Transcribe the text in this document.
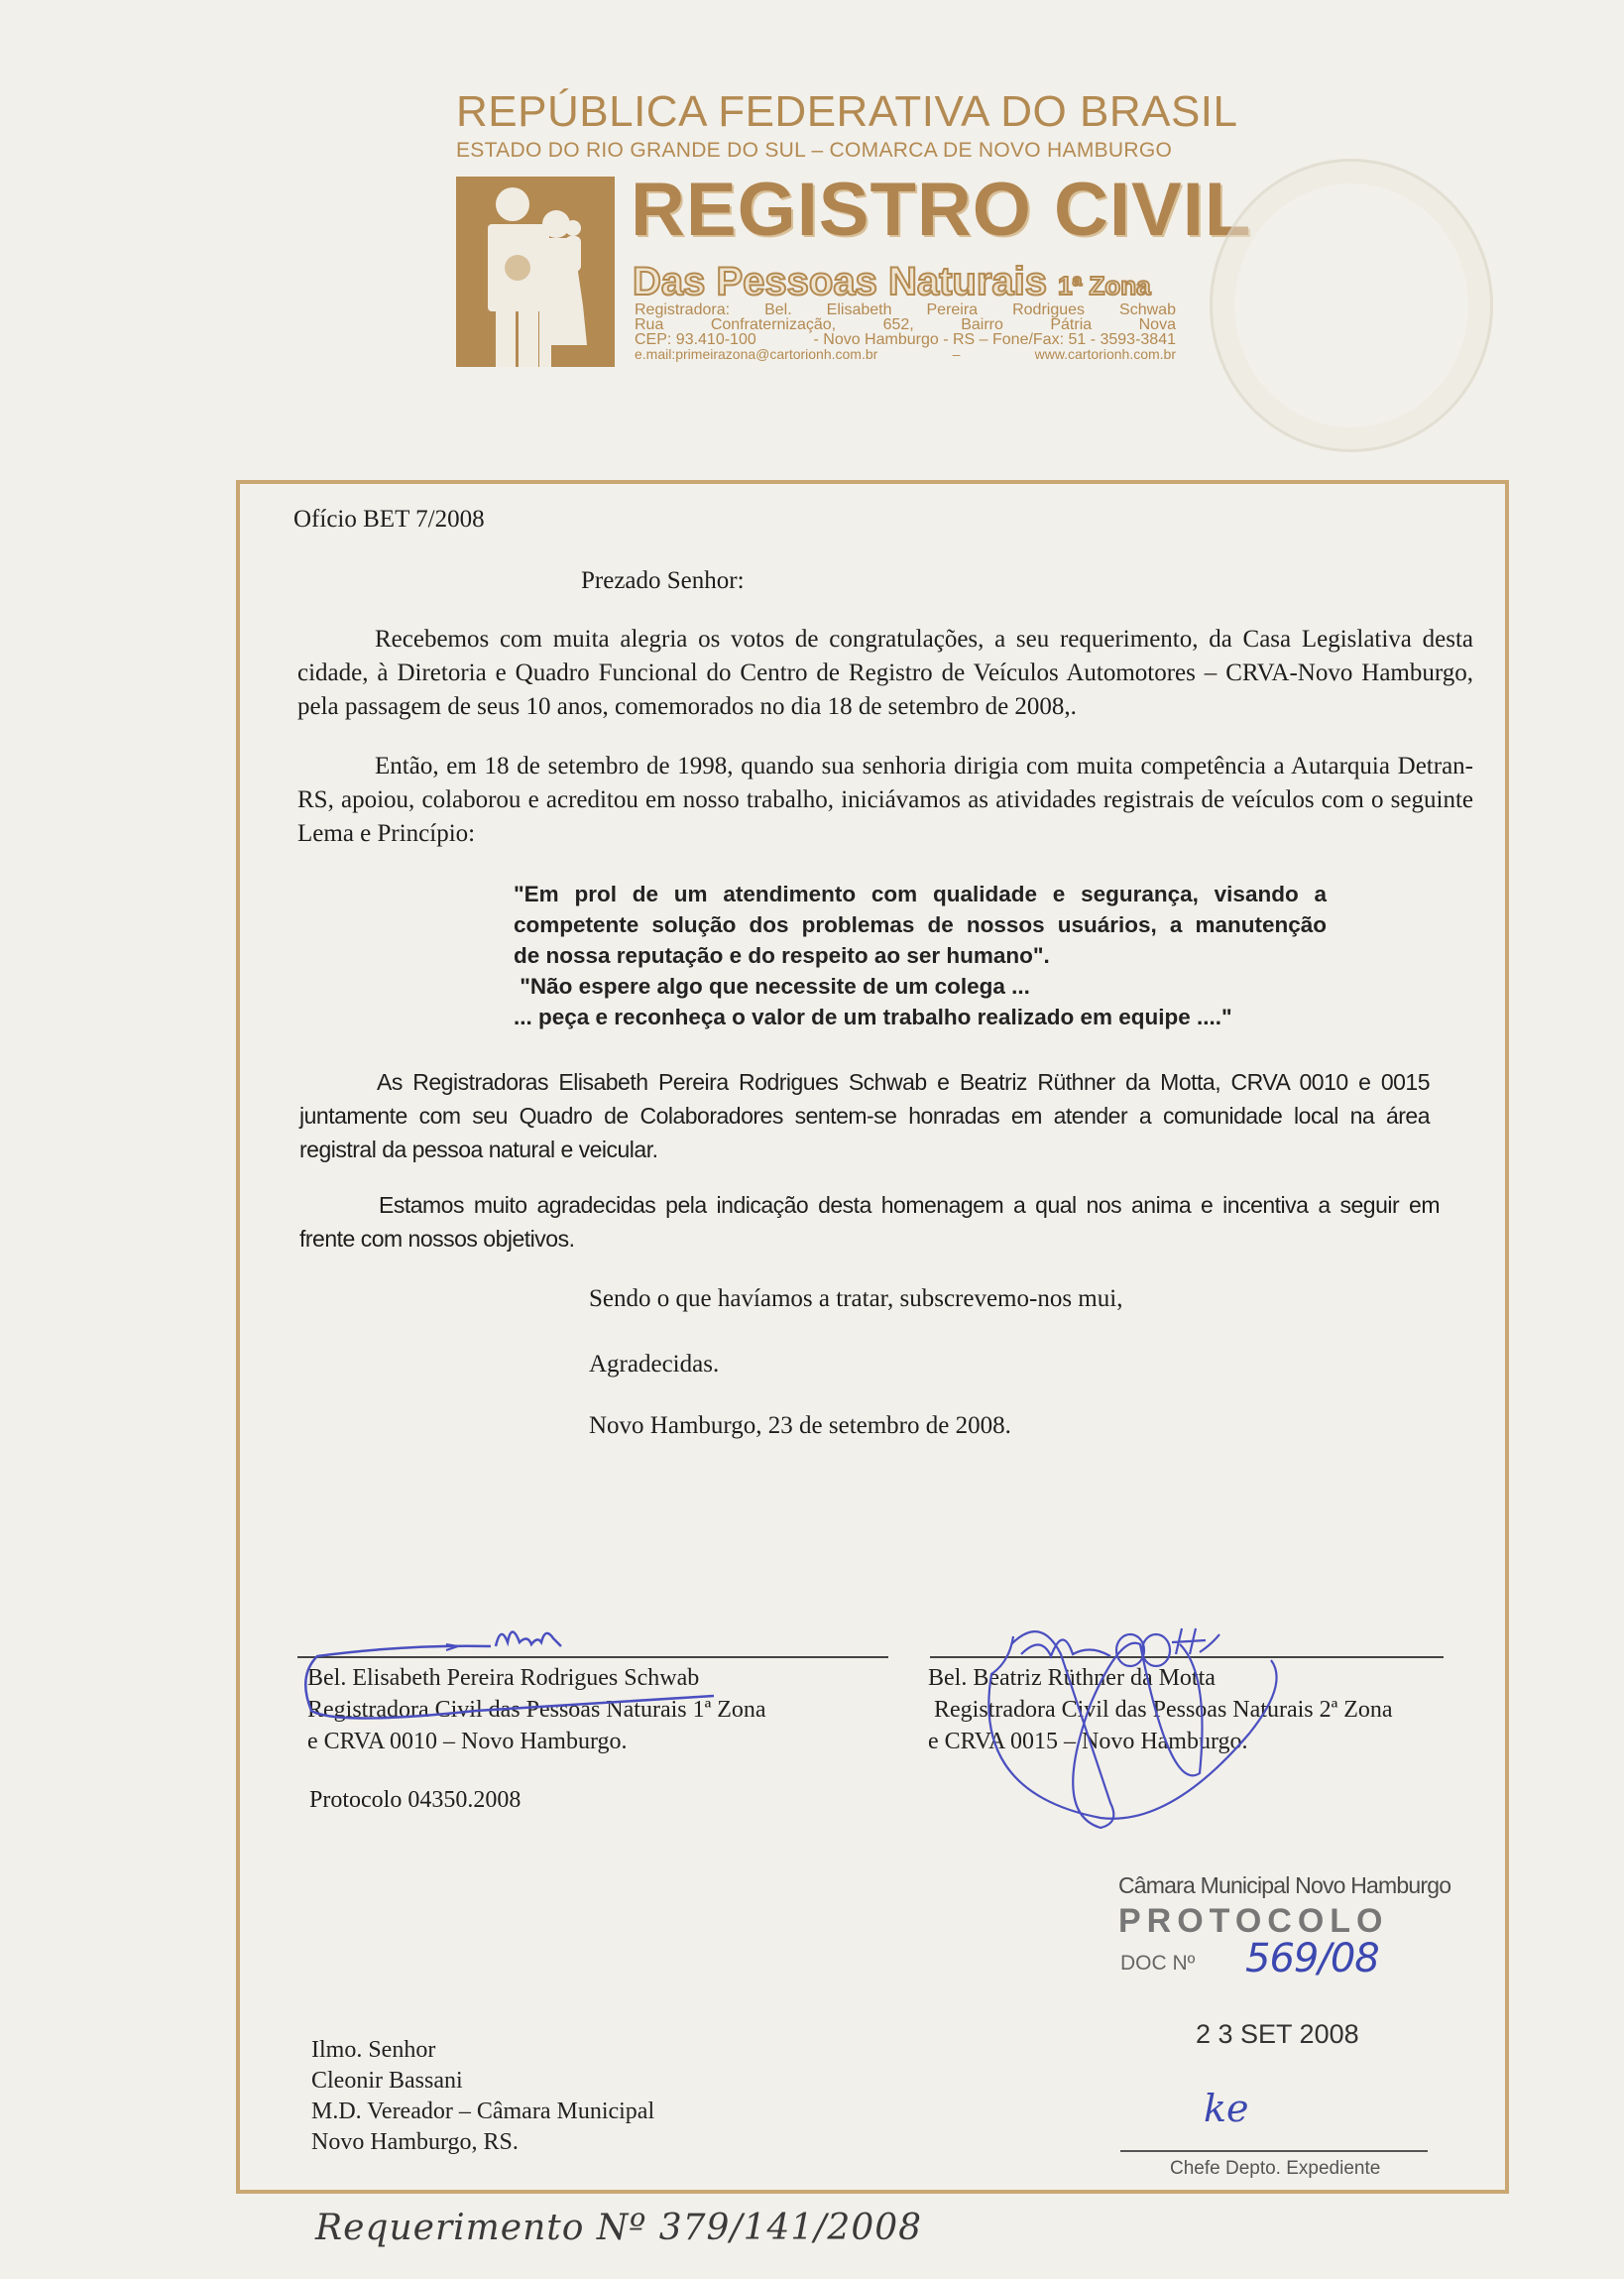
REPÚBLICA FEDERATIVA DO BRASIL
ESTADO DO RIO GRANDE DO SUL – COMARCA DE NOVO HAMBURGO
REGISTRO CIVIL
Das Pessoas Naturais 1ª Zona
Registradora: Bel. Elisabeth Pereira Rodrigues Schwab
Rua	Confraternização,	652,	Bairro	Pátria	Nova
CEP: 93.410-100	- Novo Hamburgo - RS – Fone/Fax: 51 - 3593-3841
e.mail:primeirazona@cartorionh.com.br	–	www.cartorionh.com.br
Ofício BET 7/2008
Prezado Senhor:
Recebemos com muita alegria os votos de congratulações, a seu requerimento, da Casa Legislativa desta cidade, à Diretoria e Quadro Funcional do Centro de Registro de Veículos Automotores – CRVA-Novo Hamburgo, pela passagem de seus 10 anos, comemorados no dia 18 de setembro de 2008,.
Então, em 18 de setembro de 1998, quando sua senhoria dirigia com muita competência a Autarquia Detran-RS, apoiou, colaborou e acreditou em nosso trabalho, iniciávamos as atividades registrais de veículos com o seguinte Lema e Princípio:
"Em prol de um atendimento com qualidade e segurança, visando a
competente solução dos problemas de nossos usuários, a manutenção
de nossa reputação e do respeito ao ser humano".
"Não espere algo que necessite de um colega ...
... peça e reconheça o valor de um trabalho realizado em equipe ...."
As Registradoras Elisabeth Pereira Rodrigues Schwab e Beatriz Rüthner da Motta, CRVA 0010 e 0015 juntamente com seu Quadro de Colaboradores sentem-se honradas em atender a comunidade local na área registral da pessoa natural e veicular.
Estamos muito agradecidas pela indicação desta homenagem a qual nos anima e incentiva a seguir em frente com nossos objetivos.
Sendo o que havíamos a tratar, subscrevemo-nos mui,
Agradecidas.
Novo Hamburgo, 23 de setembro de 2008.
Bel. Elisabeth Pereira Rodrigues Schwab
Registradora Civil das Pessoas Naturais 1ª Zona
e CRVA 0010 – Novo Hamburgo.
Bel. Beatriz Rüthner da Motta
Registradora Civil das Pessoas Naturais 2ª Zona
e CRVA 0015 – Novo Hamburgo.
Protocolo 04350.2008
Ilmo. Senhor
Cleonir Bassani
M.D. Vereador – Câmara Municipal
Novo Hamburgo, RS.
Câmara Municipal Novo Hamburgo
PROTOCOLO
DOC Nº 569/08
2 3 SET 2008
ke
Chefe Depto. Expediente
Requerimento Nº 379/141/2008
